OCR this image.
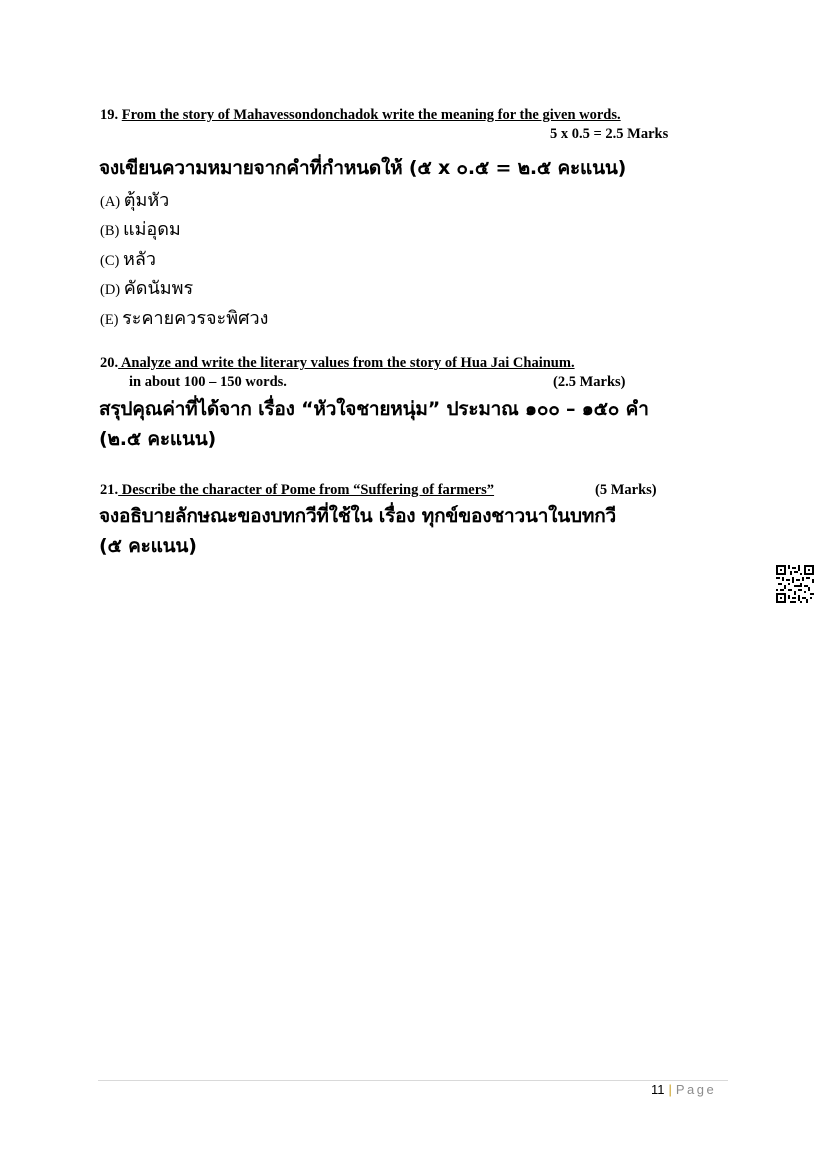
19. From the story of Mahavessondonchadok write the meaning for the given words.
5 x 0.5 = 2.5 Marks
จงเขียนความหมายจากคำที่กำหนดให้ (๕ x ๐.๕ = ๒.๕ คะแนน)
(A) ตุ้มหัว
(B) แม่อุดม
(C) หลัว
(D) คัดนัมพร
(E) ระคายควรจะพิศวง
20. Analyze and write the literary values from the story of Hua Jai Chainum.
in about 100 – 150 words.	(2.5 Marks)
สรุปคุณค่าที่ได้จาก เรื่อง “หัวใจชายหนุ่ม” ประมาณ ๑๐๐ – ๑๕๐ คำ
(๒.๕ คะแนน)
21. Describe the character of Pome from “Suffering of farmers”	(5 Marks)
จงอธิบายลักษณะของบทกวีที่ใช้ใน เรื่อง ทุกข์ของชาวนาในบทกวี
(๕ คะแนน)
11 | Page
